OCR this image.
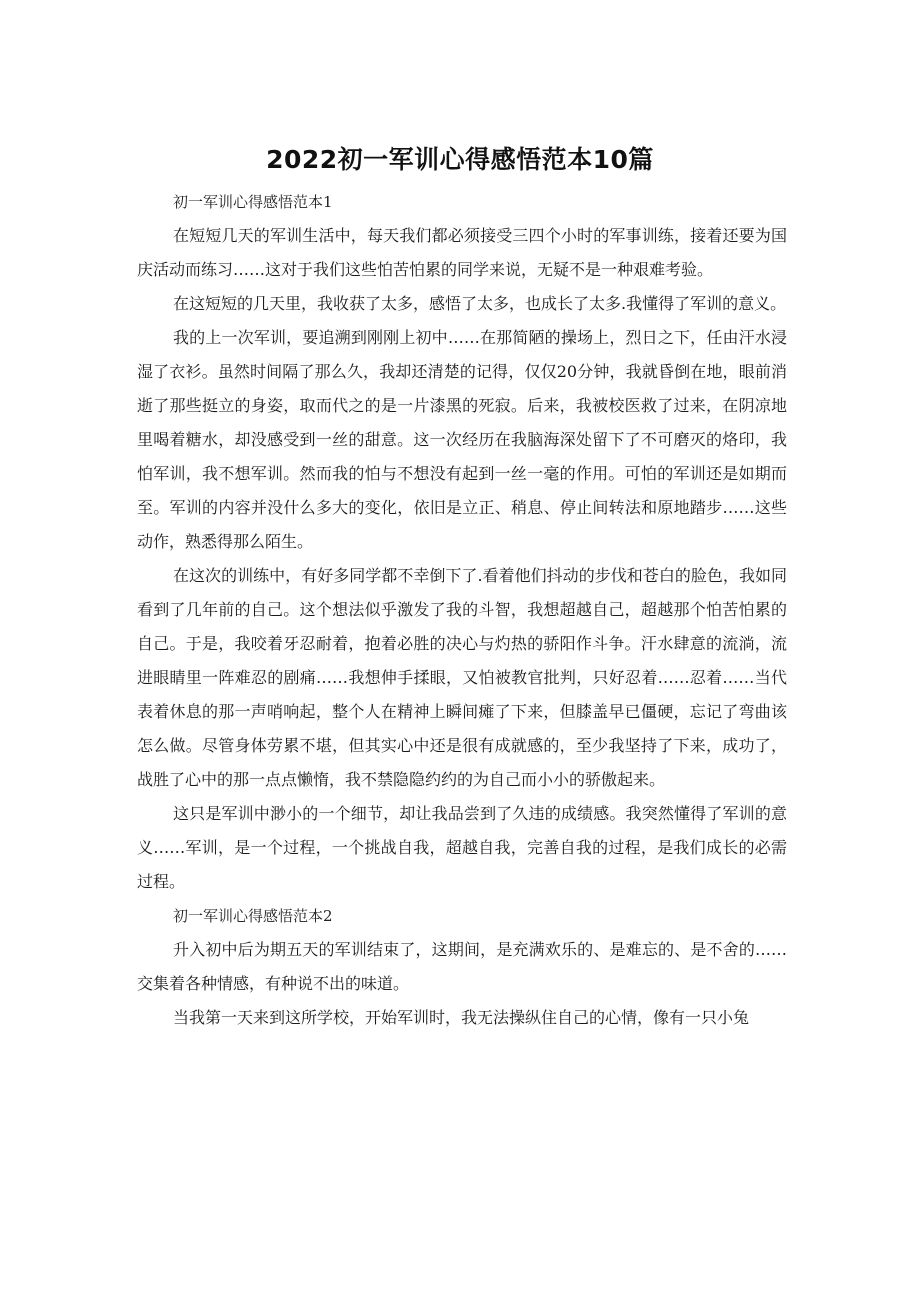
2022初一军训心得感悟范本10篇

初一军训心得感悟范本1

在短短几天的军训生活中，每天我们都必须接受三四个小时的军事训练，接着还要为国庆活动而练习……这对于我们这些怕苦怕累的同学来说，无疑不是一种艰难考验。

在这短短的几天里，我收获了太多，感悟了太多，也成长了太多.我懂得了军训的意义。

我的上一次军训，要追溯到刚刚上初中……在那简陋的操场上，烈日之下，任由汗水浸湿了衣衫。虽然时间隔了那么久，我却还清楚的记得，仅仅20分钟，我就昏倒在地，眼前消逝了那些挺立的身姿，取而代之的是一片漆黑的死寂。后来，我被校医救了过来，在阴凉地里喝着糖水，却没感受到一丝的甜意。这一次经历在我脑海深处留下了不可磨灭的烙印，我怕军训，我不想军训。然而我的怕与不想没有起到一丝一毫的作用。可怕的军训还是如期而至。军训的内容并没什么多大的变化，依旧是立正、稍息、停止间转法和原地踏步……这些动作，熟悉得那么陌生。

在这次的训练中，有好多同学都不幸倒下了.看着他们抖动的步伐和苍白的脸色，我如同看到了几年前的自己。这个想法似乎激发了我的斗智，我想超越自己，超越那个怕苦怕累的自己。于是，我咬着牙忍耐着，抱着必胜的决心与灼热的骄阳作斗争。汗水肆意的流淌，流进眼睛里一阵难忍的剧痛……我想伸手揉眼，又怕被教官批判，只好忍着……忍着……当代表着休息的那一声哨响起，整个人在精神上瞬间瘫了下来，但膝盖早已僵硬，忘记了弯曲该怎么做。尽管身体劳累不堪，但其实心中还是很有成就感的，至少我坚持了下来，成功了，战胜了心中的那一点点懒惰，我不禁隐隐约约的为自己而小小的骄傲起来。

这只是军训中渺小的一个细节，却让我品尝到了久违的成绩感。我突然懂得了军训的意义……军训，是一个过程，一个挑战自我，超越自我，完善自我的过程，是我们成长的必需过程。

初一军训心得感悟范本2

升入初中后为期五天的军训结束了，这期间，是充满欢乐的、是难忘的、是不舍的……交集着各种情感，有种说不出的味道。

当我第一天来到这所学校，开始军训时，我无法操纵住自己的心情，像有一只小兔
